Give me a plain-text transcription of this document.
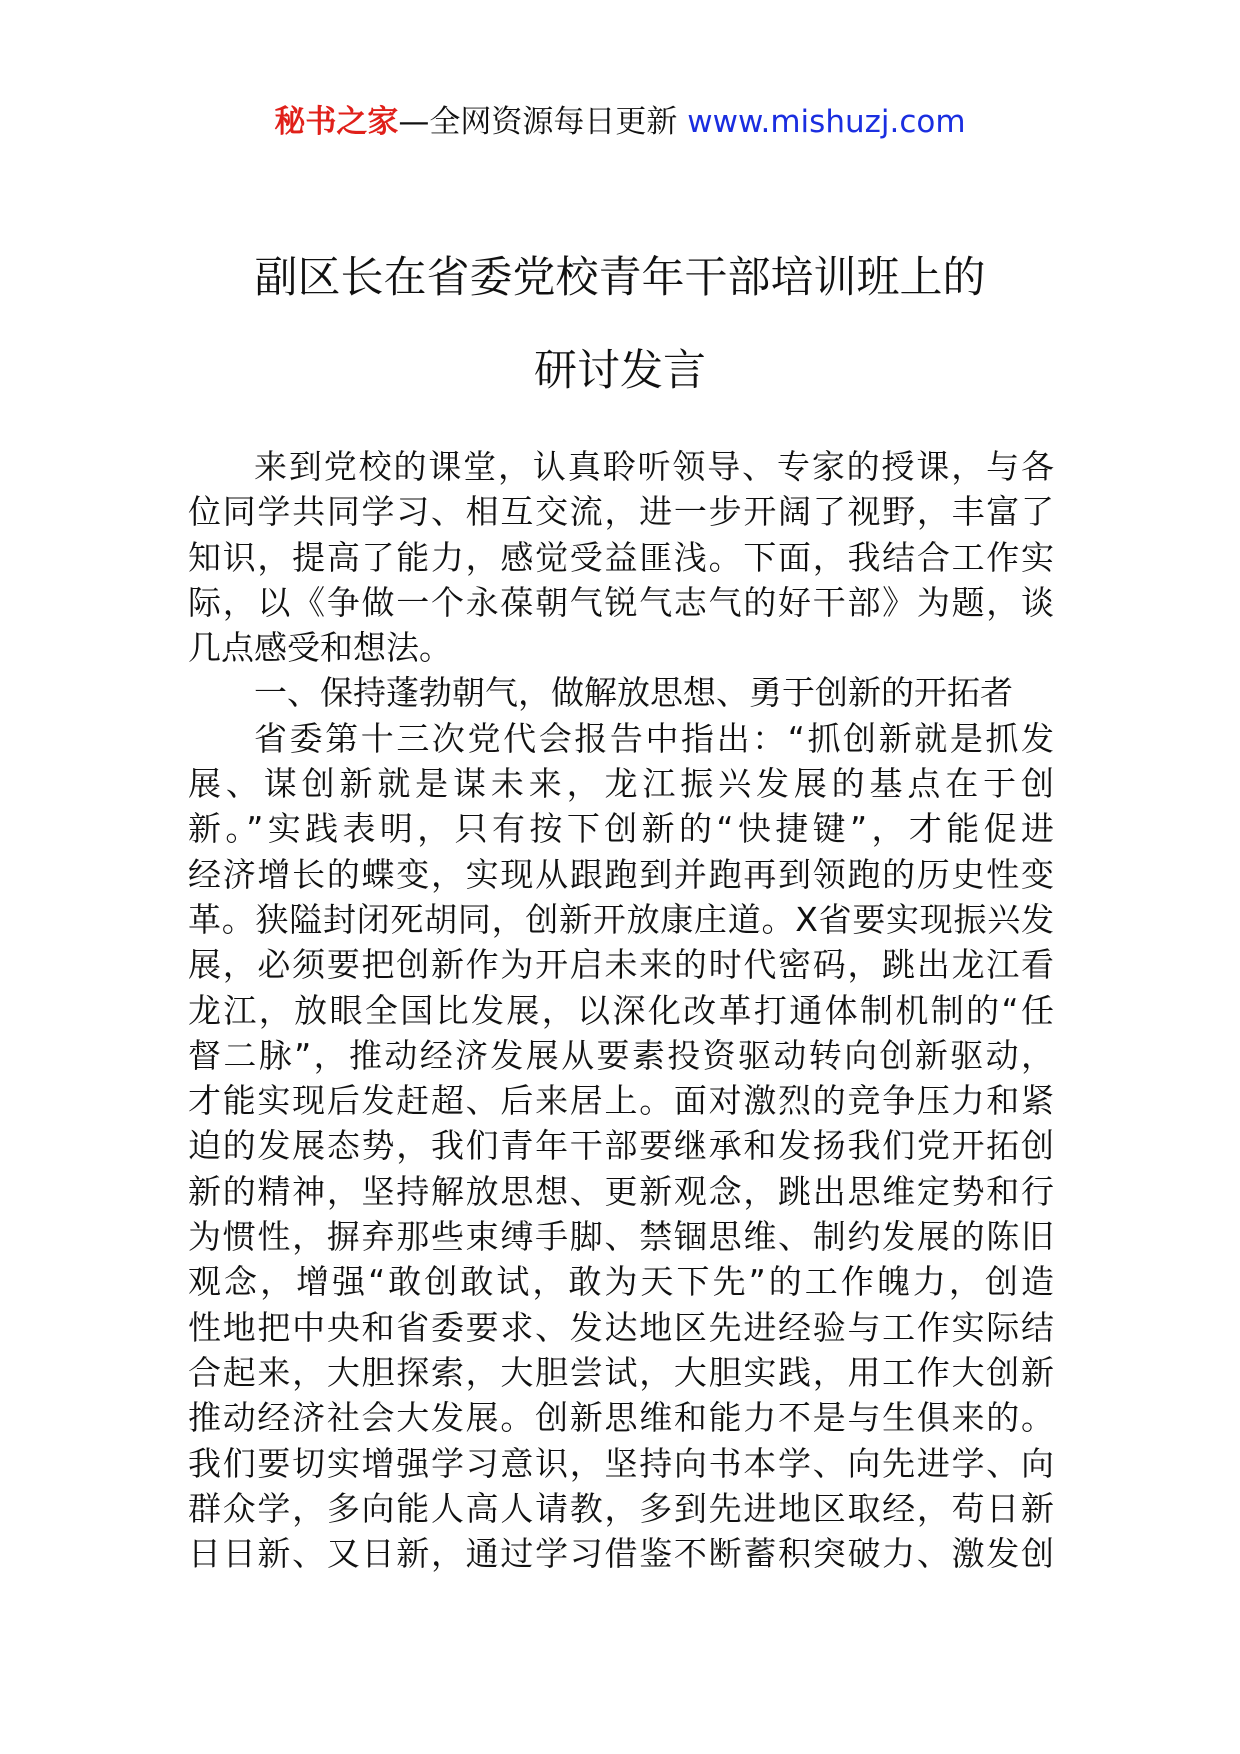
秘书之家—全网资源每日更新 www.mishuzj.com
副区长在省委党校青年干部培训班上的
研讨发言
来到党校的课堂，认真聆听领导、专家的授课，与各
位同学共同学习、相互交流，进一步开阔了视野，丰富了
知识，提高了能力，感觉受益匪浅。下面，我结合工作实
际，以《争做一个永葆朝气锐气志气的好干部》为题，谈
几点感受和想法。
一、保持蓬勃朝气，做解放思想、勇于创新的开拓者
省委第十三次党代会报告中指出：“抓创新就是抓发
展、谋创新就是谋未来，龙江振兴发展的基点在于创
新。”实践表明，只有按下创新的“快捷键”，才能促进
经济增长的蝶变，实现从跟跑到并跑再到领跑的历史性变
革。狭隘封闭死胡同，创新开放康庄道。X省要实现振兴发
展，必须要把创新作为开启未来的时代密码，跳出龙江看
龙江，放眼全国比发展，以深化改革打通体制机制的“任
督二脉”，推动经济发展从要素投资驱动转向创新驱动，
才能实现后发赶超、后来居上。面对激烈的竞争压力和紧
迫的发展态势，我们青年干部要继承和发扬我们党开拓创
新的精神，坚持解放思想、更新观念，跳出思维定势和行
为惯性，摒弃那些束缚手脚、禁锢思维、制约发展的陈旧
观念，增强“敢创敢试，敢为天下先”的工作魄力，创造
性地把中央和省委要求、发达地区先进经验与工作实际结
合起来，大胆探索，大胆尝试，大胆实践，用工作大创新
推动经济社会大发展。创新思维和能力不是与生俱来的。
我们要切实增强学习意识，坚持向书本学、向先进学、向
群众学，多向能人高人请教，多到先进地区取经，苟日新
日日新、又日新，通过学习借鉴不断蓄积突破力、激发创
